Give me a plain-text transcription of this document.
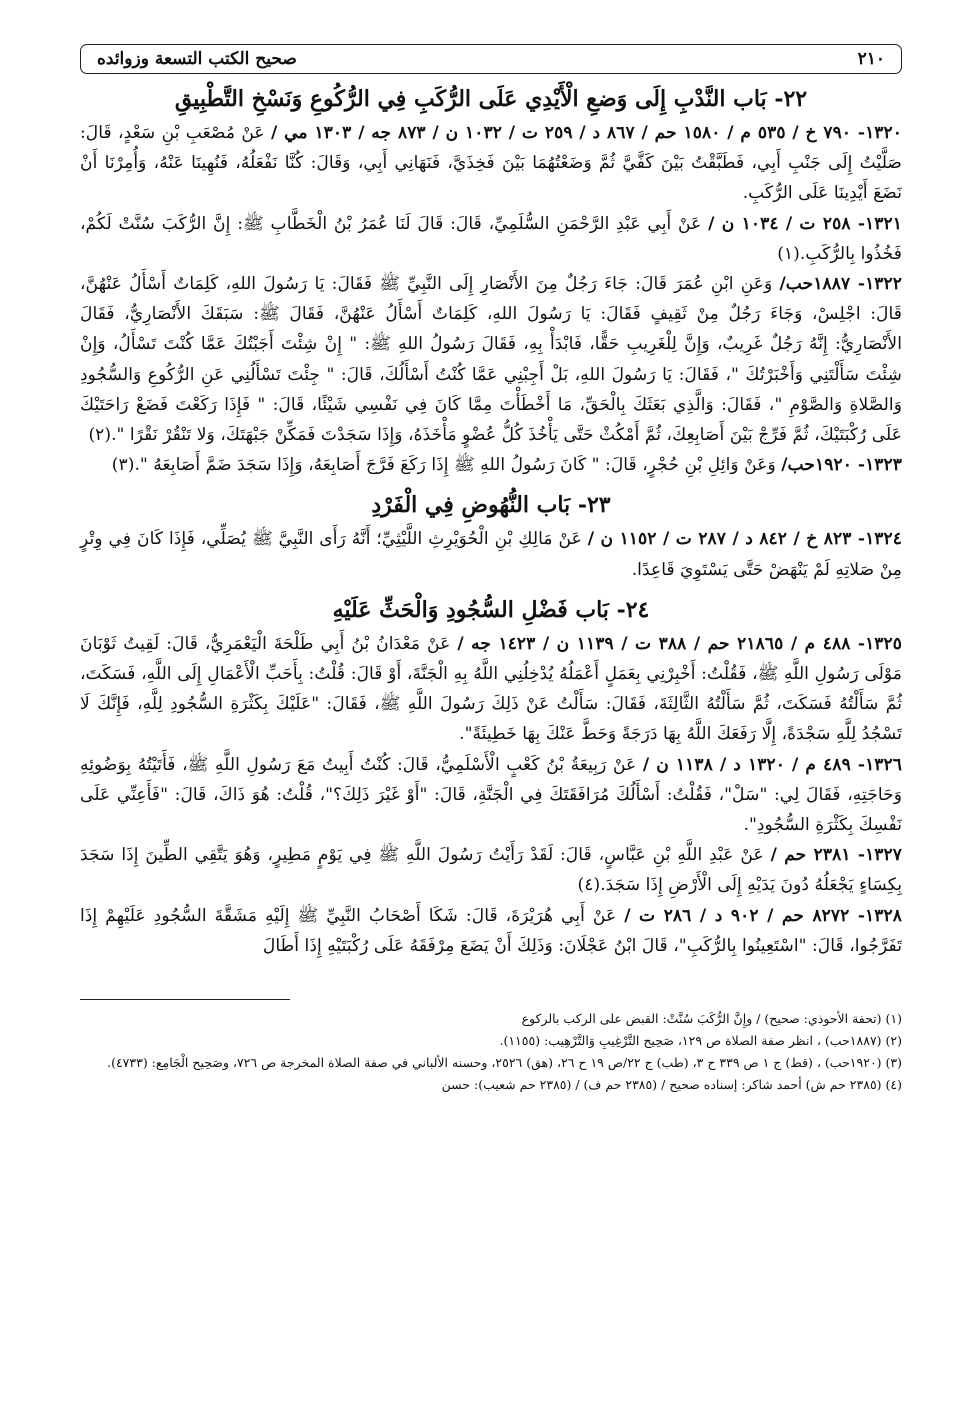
٢١٠
صحيح الكتب التسعة وزوائده
٢٢- بَاب النَّدْبِ إِلَى وَضعِ الْأَيْدِي عَلَى الرُّكَبِ فِي الرُّكُوعِ وَنَسْخِ التَّطْبِيقِ

١٣٢٠- ٧٩٠ خ / ٥٣٥ م / ١٥٨٠ حم / ٨٦٧ د / ٢٥٩ ت / ١٠٣٢ ن / ٨٧٣ جه / ١٣٠٣ مي / عَنْ مُصْعَبِ بْنِ سَعْدٍ، قَالَ: صَلَّيْتُ إِلَى جَنْبِ أَبِي، فَطَبَّقْتُ بَيْنَ كَفَّيَّ ثُمَّ وَضَعْتُهُمَا بَيْنَ فَخِذَيَّ، فَنَهَانِي أَبِي، وَقَالَ: كُنَّا نَفْعَلُهُ، فَنُهِينَا عَنْهُ، وَأُمِرْنَا أَنْ نَضَعَ أَيْدِينَا عَلَى الرُّكَبِ.

١٣٢١- ٢٥٨ ت / ١٠٣٤ ن / عَنْ أَبِي عَبْدِ الرَّحْمَنِ السُّلَمِيِّ، قَالَ: قَالَ لَنَا عُمَرُ بْنُ الْخَطَّابِ ﷺ: إِنَّ الرُّكَبَ سُنَّتْ لَكُمْ، فَخُذُوا بِالرُّكَبِ.(١)

١٣٢٢- ١٨٨٧حب/ وَعَنِ ابْنِ عُمَرَ قَالَ: جَاءَ رَجُلٌ مِنَ الأَنْصَارِ إِلَى النَّبِيِّ ﷺ فَقَالَ: يَا رَسُولَ اللهِ، كَلِمَاتٌ أَسْأَلُ عَنْهُنَّ، قَالَ: اجْلِسْ، وَجَاءَ رَجُلٌ مِنْ ثَقِيفٍ فَقَالَ: يَا رَسُولَ اللهِ، كَلِمَاتٌ أَسْأَلُ عَنْهُنَّ، فَقَالَ ﷺ: سَبَقَكَ الأَنْصَارِيُّ، فَقَالَ الأَنْصَارِيُّ: إِنَّهُ رَجُلٌ غَرِيبٌ، وَإِنَّ لِلْغَرِيبِ حَقًّا، فَابْدَأْ بِهِ، فَقَالَ رَسُولُ اللهِ ﷺ: " إِنْ شِئْتَ أَجَبْتُكَ عَمَّا كُنْتَ تَسْأَلُ، وَإِنْ شِئْتَ سَأَلْتَنِي وَأَخْبَرْتُكَ "، فَقَالَ: يَا رَسُولَ اللهِ، بَلْ أَجِبْنِي عَمَّا كُنْتُ أَسْأَلُكَ، قَالَ: " جِئْتَ تَسْأَلُنِي عَنِ الرُّكُوعِ وَالسُّجُودِ وَالصَّلاةِ وَالصَّوْمِ "، فَقَالَ: وَالَّذِي بَعَثَكَ بِالْحَقِّ، مَا أَخْطَأْتَ مِمَّا كَانَ فِي نَفْسِي شَيْئًا، قَالَ: " فَإِذَا رَكَعْتَ فَضَعْ رَاحَتَيْكَ عَلَى رُكْبَتَيْكَ، ثُمَّ فَرِّجْ بَيْنَ أَصَابِعِكَ، ثُمَّ أَمْكُثْ حَتَّى يَأْخُذَ كُلُّ عُضْوٍ مَأْخَذَهُ، وَإِذَا سَجَدْتَ فَمَكِّنْ جَبْهَتَكَ، وَلا تَنْقُرْ نَقْرًا ".(٢)

١٣٢٣- ١٩٢٠حب/ وَعَنْ وَائِلِ بْنِ حُجْرٍ، قَالَ: " كَانَ رَسُولُ اللهِ ﷺ إِذَا رَكَعَ فَرَّجَ أَصَابِعَهُ، وَإِذَا سَجَدَ ضَمَّ أَصَابِعَهُ ".(٣)

٢٣- بَاب النُّهُوضِ فِي الْفَرْدِ

١٣٢٤- ٨٢٣ خ / ٨٤٢ د / ٢٨٧ ت / ١١٥٢ ن / عَنْ مَالِكِ بْنِ الْحُوَيْرِثِ اللَّيْثِيِّ؛ أَنَّهُ رَأَى النَّبِيَّ ﷺ يُصَلِّي، فَإِذَا كَانَ فِي وِتْرٍ مِنْ صَلاتِهِ لَمْ يَنْهَضْ حَتَّى يَسْتَوِيَ قَاعِدًا.

٢٤- بَاب فَضْلِ السُّجُودِ وَالْحَثِّ عَلَيْهِ

١٣٢٥- ٤٨٨ م / ٢١٨٦٥ حم / ٣٨٨ ت / ١١٣٩ ن / ١٤٢٣ جه / عَنْ مَعْدَانُ بْنُ أَبِي طَلْحَةَ الْيَعْمَرِيُّ، قَالَ: لَقِيتُ ثَوْبَانَ مَوْلَى رَسُولِ اللَّهِ ﷺ، فَقُلْتُ: أَخْبِرْنِي بِعَمَلٍ أَعْمَلُهُ يُدْخِلُنِي اللَّهُ بِهِ الْجَنَّةَ، أَوْ قَالَ: قُلْتُ: بِأَحَبِّ الْأَعْمَالِ إِلَى اللَّهِ، فَسَكَتَ، ثُمَّ سَأَلْتُهُ فَسَكَتَ، ثُمَّ سَأَلْتُهُ الثَّالِثَةَ، فَقَالَ: سَأَلْتُ عَنْ ذَلِكَ رَسُولَ اللَّهِ ﷺ، فَقَالَ: "عَلَيْكَ بِكَثْرَةِ السُّجُودِ لِلَّهِ، فَإِنَّكَ لَا تَسْجُدُ لِلَّهِ سَجْدَةً، إِلَّا رَفَعَكَ اللَّهُ بِهَا دَرَجَةً وَحَطَّ عَنْكَ بِهَا خَطِيئَةً".

١٣٢٦- ٤٨٩ م / ١٣٢٠ د / ١١٣٨ ن / عَنْ رَبِيعَةُ بْنُ كَعْبٍ الْأَسْلَمِيُّ، قَالَ: كُنْتُ أَبِيتُ مَعَ رَسُولِ اللَّهِ ﷺ، فَأَتَيْتُهُ بِوَضُوئِهِ وَحَاجَتِهِ، فَقَالَ لِي: "سَلْ"، فَقُلْتُ: أَسْأَلُكَ مُرَافَقَتَكَ فِي الْجَنَّةِ، قَالَ: "أَوْ غَيْرَ ذَلِكَ؟"، قُلْتُ: هُوَ ذَاكَ، قَالَ: "فَأَعِنِّي عَلَى نَفْسِكَ بِكَثْرَةِ السُّجُودِ".

١٣٢٧- ٢٣٨١ حم / عَنْ عَبْدِ اللَّهِ بْنِ عَبَّاسٍ، قَالَ: لَقَدْ رَأَيْتُ رَسُولَ اللَّهِ ﷺ فِي يَوْمٍ مَطِيرٍ، وَهُوَ يَتَّقِي الطِّينَ إِذَا سَجَدَ بِكِسَاءٍ يَجْعَلُهُ دُونَ يَدَيْهِ إِلَى الْأَرْضِ إِذَا سَجَدَ.(٤)

١٣٢٨- ٨٢٧٢ حم / ٩٠٢ د / ٢٨٦ ت / عَنْ أَبِي هُرَيْرَةَ، قَالَ: شَكَا أَصْحَابُ النَّبِيِّ ﷺ إِلَيْهِ مَشَقَّةَ السُّجُودِ عَلَيْهِمْ إِذَا تَفَرَّجُوا، قَالَ: "اسْتَعِينُوا بِالرُّكَبِ"، قَالَ ابْنُ عَجْلَانَ: وَذَلِكَ أَنْ يَضَعَ مِرْفَقَهُ عَلَى رُكْبَتَيْهِ إِذَا أَطَالَ

(١) (تحفة الأحوذي: صحيح) / وإِنَّ الرُّكَبَ سُنَّتْ: القبض على الركب بالركوع

(٢) (١٨٨٧حب) ، انظر صفة الصلاة ص ١٢٩، صَحِيح التَّرْغِيبِ وَالتَّرْهِيب: (١١٥٥).

(٣) (١٩٢٠حب) ، (قط) ج ١ ص ٣٣٩ ح ٣، (طب) ج ٢٢/ص ١٩ ح ٢٦، (هق) ٢٥٢٦، وحسنه الألباني في صفة الصلاة المخرجة ص ٧٢٦، وصَحِيح الْجَامِع: (٤٧٣٣).

(٤) (٢٣٨٥ حم ش) أحمد شاكر: إسناده صحيح / (٢٣٨٥ حم ف) / (٢٣٨٥ حم شعيب): حسن
